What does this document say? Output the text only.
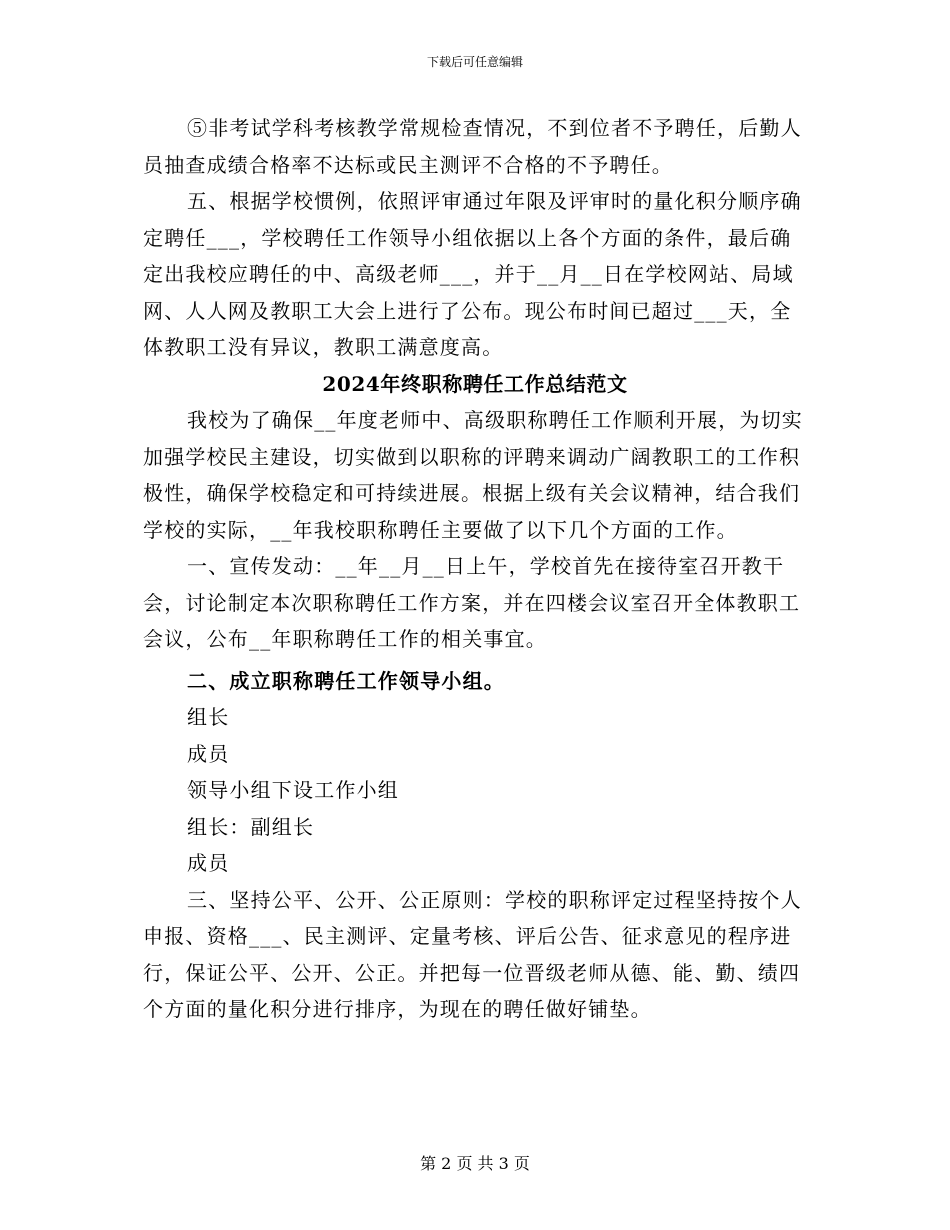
下载后可任意编辑

⑤非考试学科考核教学常规检查情况，不到位者不予聘任，后勤人员抽查成绩合格率不达标或民主测评不合格的不予聘任。

五、根据学校惯例，依照评审通过年限及评审时的量化积分顺序确定聘任___，学校聘任工作领导小组依据以上各个方面的条件，最后确定出我校应聘任的中、高级老师___，并于__月__日在学校网站、局域网、人人网及教职工大会上进行了公布。现公布时间已超过___天，全体教职工没有异议，教职工满意度高。

2024年终职称聘任工作总结范文

我校为了确保__年度老师中、高级职称聘任工作顺利开展，为切实加强学校民主建设，切实做到以职称的评聘来调动广阔教职工的工作积极性，确保学校稳定和可持续进展。根据上级有关会议精神，结合我们学校的实际，__年我校职称聘任主要做了以下几个方面的工作。

一、宣传发动：__年__月__日上午，学校首先在接待室召开教干会，讨论制定本次职称聘任工作方案，并在四楼会议室召开全体教职工会议，公布__年职称聘任工作的相关事宜。

二、成立职称聘任工作领导小组。

组长

成员

领导小组下设工作小组

组长：副组长

成员

三、坚持公平、公开、公正原则：学校的职称评定过程坚持按个人申报、资格___、民主测评、定量考核、评后公告、征求意见的程序进行，保证公平、公开、公正。并把每一位晋级老师从德、能、勤、绩四个方面的量化积分进行排序，为现在的聘任做好铺垫。

第 2 页 共 3 页
